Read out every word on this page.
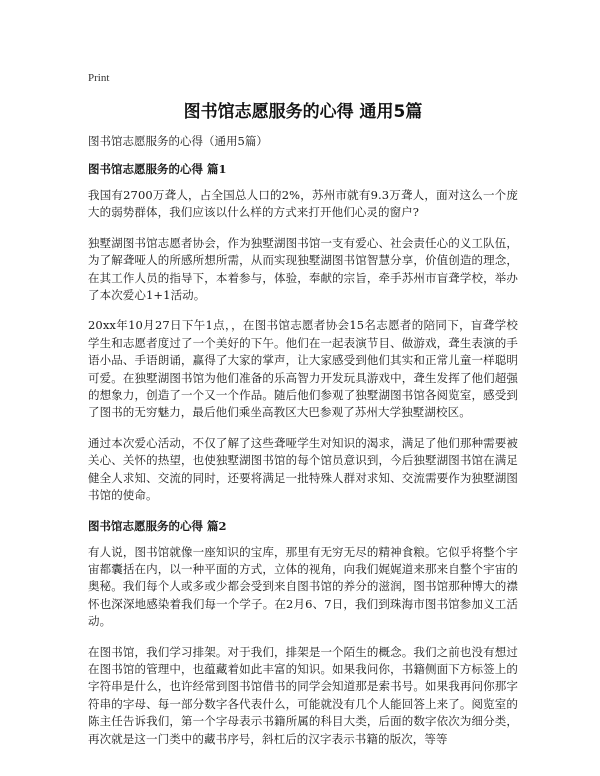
Print
图书馆志愿服务的心得 通用5篇

图书馆志愿服务的心得（通用5篇）

图书馆志愿服务的心得 篇1

我国有2700万聋人，占全国总人口的2%，苏州市就有9.3万聋人，面对这么一个庞大的弱势群体，我们应该以什么样的方式来打开他们心灵的窗户?

独墅湖图书馆志愿者协会，作为独墅湖图书馆一支有爱心、社会责任心的义工队伍，为了解聋哑人的所感所想所需，从而实现独墅湖图书馆智慧分享，价值创造的理念，在其工作人员的指导下，本着参与，体验，奉献的宗旨，牵手苏州市盲聋学校，举办了本次爱心1+1活动。

20xx年10月27日下午1点，，在图书馆志愿者协会15名志愿者的陪同下，盲聋学校学生和志愿者度过了一个美好的下午。他们在一起表演节目、做游戏，聋生表演的手语小品、手语朗诵，赢得了大家的掌声，让大家感受到他们其实和正常儿童一样聪明可爱。在独墅湖图书馆为他们准备的乐高智力开发玩具游戏中，聋生发挥了他们超强的想象力，创造了一个又一个作品。随后他们参观了独墅湖图书馆各阅览室，感受到了图书的无穷魅力，最后他们乘坐高教区大巴参观了苏州大学独墅湖校区。

通过本次爱心活动，不仅了解了这些聋哑学生对知识的渴求，满足了他们那种需要被关心、关怀的热望，也使独墅湖图书馆的每个馆员意识到，今后独墅湖图书馆在满足健全人求知、交流的同时，还要将满足一批特殊人群对求知、交流需要作为独墅湖图书馆的使命。

图书馆志愿服务的心得 篇2

有人说，图书馆就像一座知识的宝库，那里有无穷无尽的精神食粮。它似乎将整个宇宙都囊括在内，以一种平面的方式，立体的视角，向我们娓娓道来那来自整个宇宙的奥秘。我们每个人或多或少都会受到来自图书馆的养分的滋润，图书馆那种博大的襟怀也深深地感染着我们每一个学子。在2月6、7日，我们到珠海市图书馆参加义工活动。

在图书馆，我们学习排架。对于我们，排架是一个陌生的概念。我们之前也没有想过在图书馆的管理中，也蕴藏着如此丰富的知识。如果我问你，书籍侧面下方标签上的字符串是什么，也许经常到图书馆借书的同学会知道那是索书号。如果我再问你那字符串的字母、每一部分数字各代表什么，可能就没有几个人能回答上来了。阅览室的陈主任告诉我们，第一个字母表示书籍所属的科目大类，后面的数字依次为细分类，再次就是这一门类中的藏书序号，斜杠后的汉字表示书籍的版次，等等
